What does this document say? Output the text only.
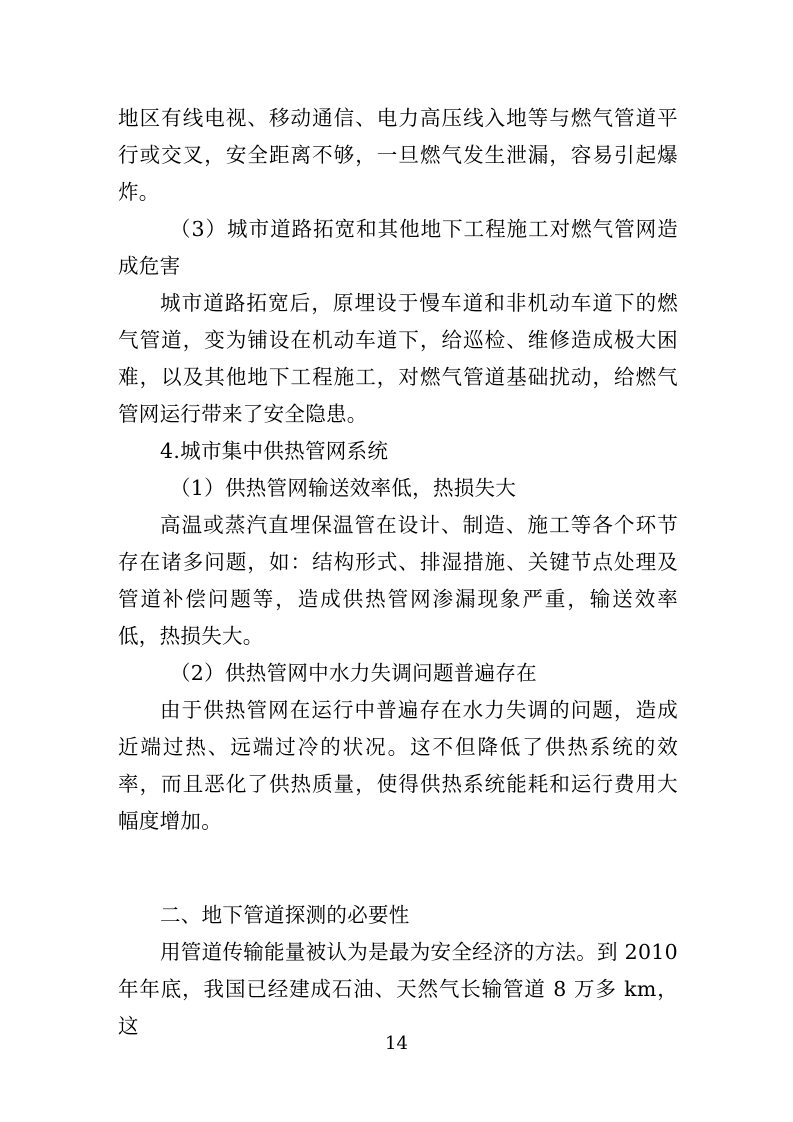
地区有线电视、移动通信、电力高压线入地等与燃气管道平行或交叉，安全距离不够，一旦燃气发生泄漏，容易引起爆炸。

（3）城市道路拓宽和其他地下工程施工对燃气管网造成危害

城市道路拓宽后，原埋设于慢车道和非机动车道下的燃气管道，变为铺设在机动车道下，给巡检、维修造成极大困难，以及其他地下工程施工，对燃气管道基础扰动，给燃气管网运行带来了安全隐患。

4.城市集中供热管网系统

（1）供热管网输送效率低，热损失大

高温或蒸汽直埋保温管在设计、制造、施工等各个环节存在诸多问题，如：结构形式、排湿措施、关键节点处理及管道补偿问题等，造成供热管网渗漏现象严重，输送效率低，热损失大。

（2）供热管网中水力失调问题普遍存在

由于供热管网在运行中普遍存在水力失调的问题，造成近端过热、远端过冷的状况。这不但降低了供热系统的效率，而且恶化了供热质量，使得供热系统能耗和运行费用大幅度增加。

二、地下管道探测的必要性

用管道传输能量被认为是最为安全经济的方法。到 2010 年年底，我国已经建成石油、天然气长输管道 8 万多 km，这

14
